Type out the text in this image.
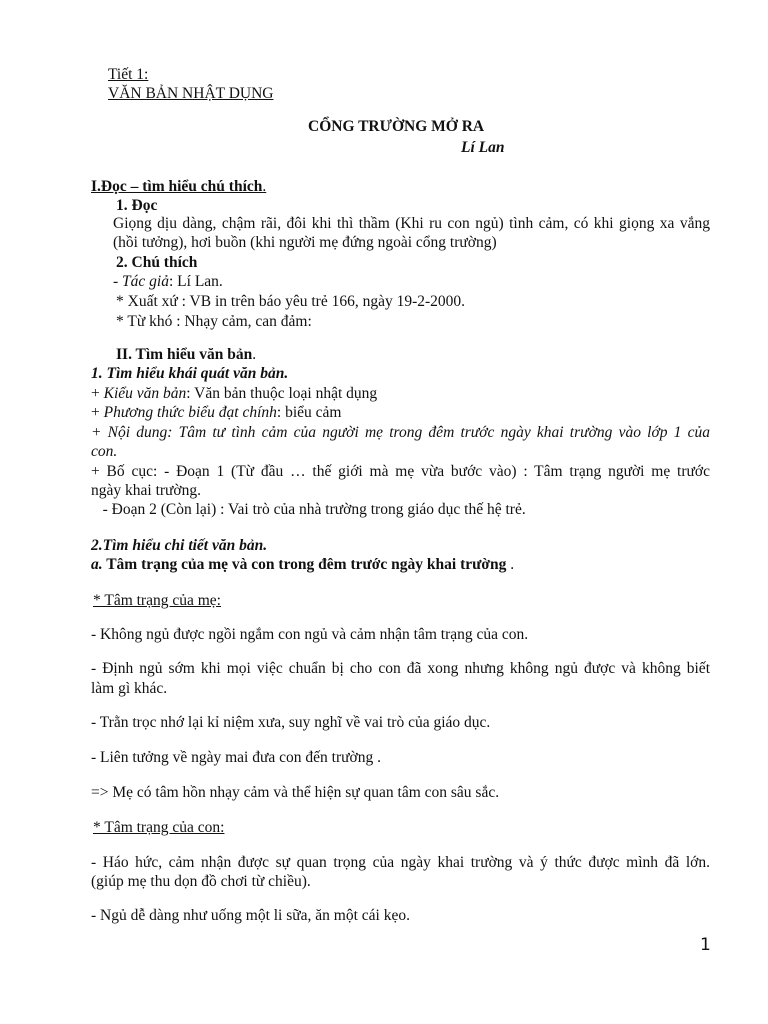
Tiết 1:
VĂN BẢN NHẬT DỤNG
CỔNG TRƯỜNG MỞ RA
Lí Lan
I.Đọc – tìm hiểu chú thích.
1. Đọc
Giọng dịu dàng, chậm rãi, đôi khi thì thầm (Khi ru con ngủ) tình cảm, có khi giọng xa vắng
(hồi tưởng), hơi buồn (khi người mẹ đứng ngoài cổng trường)
2. Chú thích
- Tác giả: Lí Lan.
* Xuất xứ : VB in trên báo yêu trẻ 166, ngày 19-2-2000.
* Từ khó : Nhạy cảm, can đảm:
II. Tìm hiểu văn bản.
1. Tìm hiểu khái quát văn bản.
+ Kiểu văn bản: Văn bản thuộc loại nhật dụng
+ Phương thức biểu đạt chính: biểu cảm
+ Nội dung: Tâm tư tình cảm của người mẹ trong đêm trước ngày khai trường vào lớp 1 của
con.
+ Bố cục: - Đoạn 1 (Từ đầu … thế giới mà mẹ vừa bước vào) : Tâm trạng người mẹ trước
ngày khai trường.
- Đoạn 2 (Còn lại) : Vai trò của nhà trường trong giáo dục thế hệ trẻ.
2.Tìm hiểu chi tiết văn bản.
a. Tâm trạng của mẹ và con trong đêm trước ngày khai trường .
* Tâm trạng của mẹ:
- Không ngủ được ngồi ngắm con ngủ và cảm nhận tâm trạng của con.
- Định ngủ sớm khi mọi việc chuẩn bị cho con đã xong nhưng không ngủ được và không biết
làm gì khác.
- Trằn trọc nhớ lại kỉ niệm xưa, suy nghĩ về vai trò của giáo dục.
- Liên tưởng về ngày mai đưa con đến trường .
=> Mẹ có tâm hồn nhạy cảm và thể hiện sự quan tâm con sâu sắc.
* Tâm trạng của con:
- Háo hức, cảm nhận được sự quan trọng của ngày khai trường và ý thức được mình đã lớn.
(giúp mẹ thu dọn đồ chơi từ chiều).
- Ngủ dễ dàng như uống một li sữa, ăn một cái kẹo.
1
